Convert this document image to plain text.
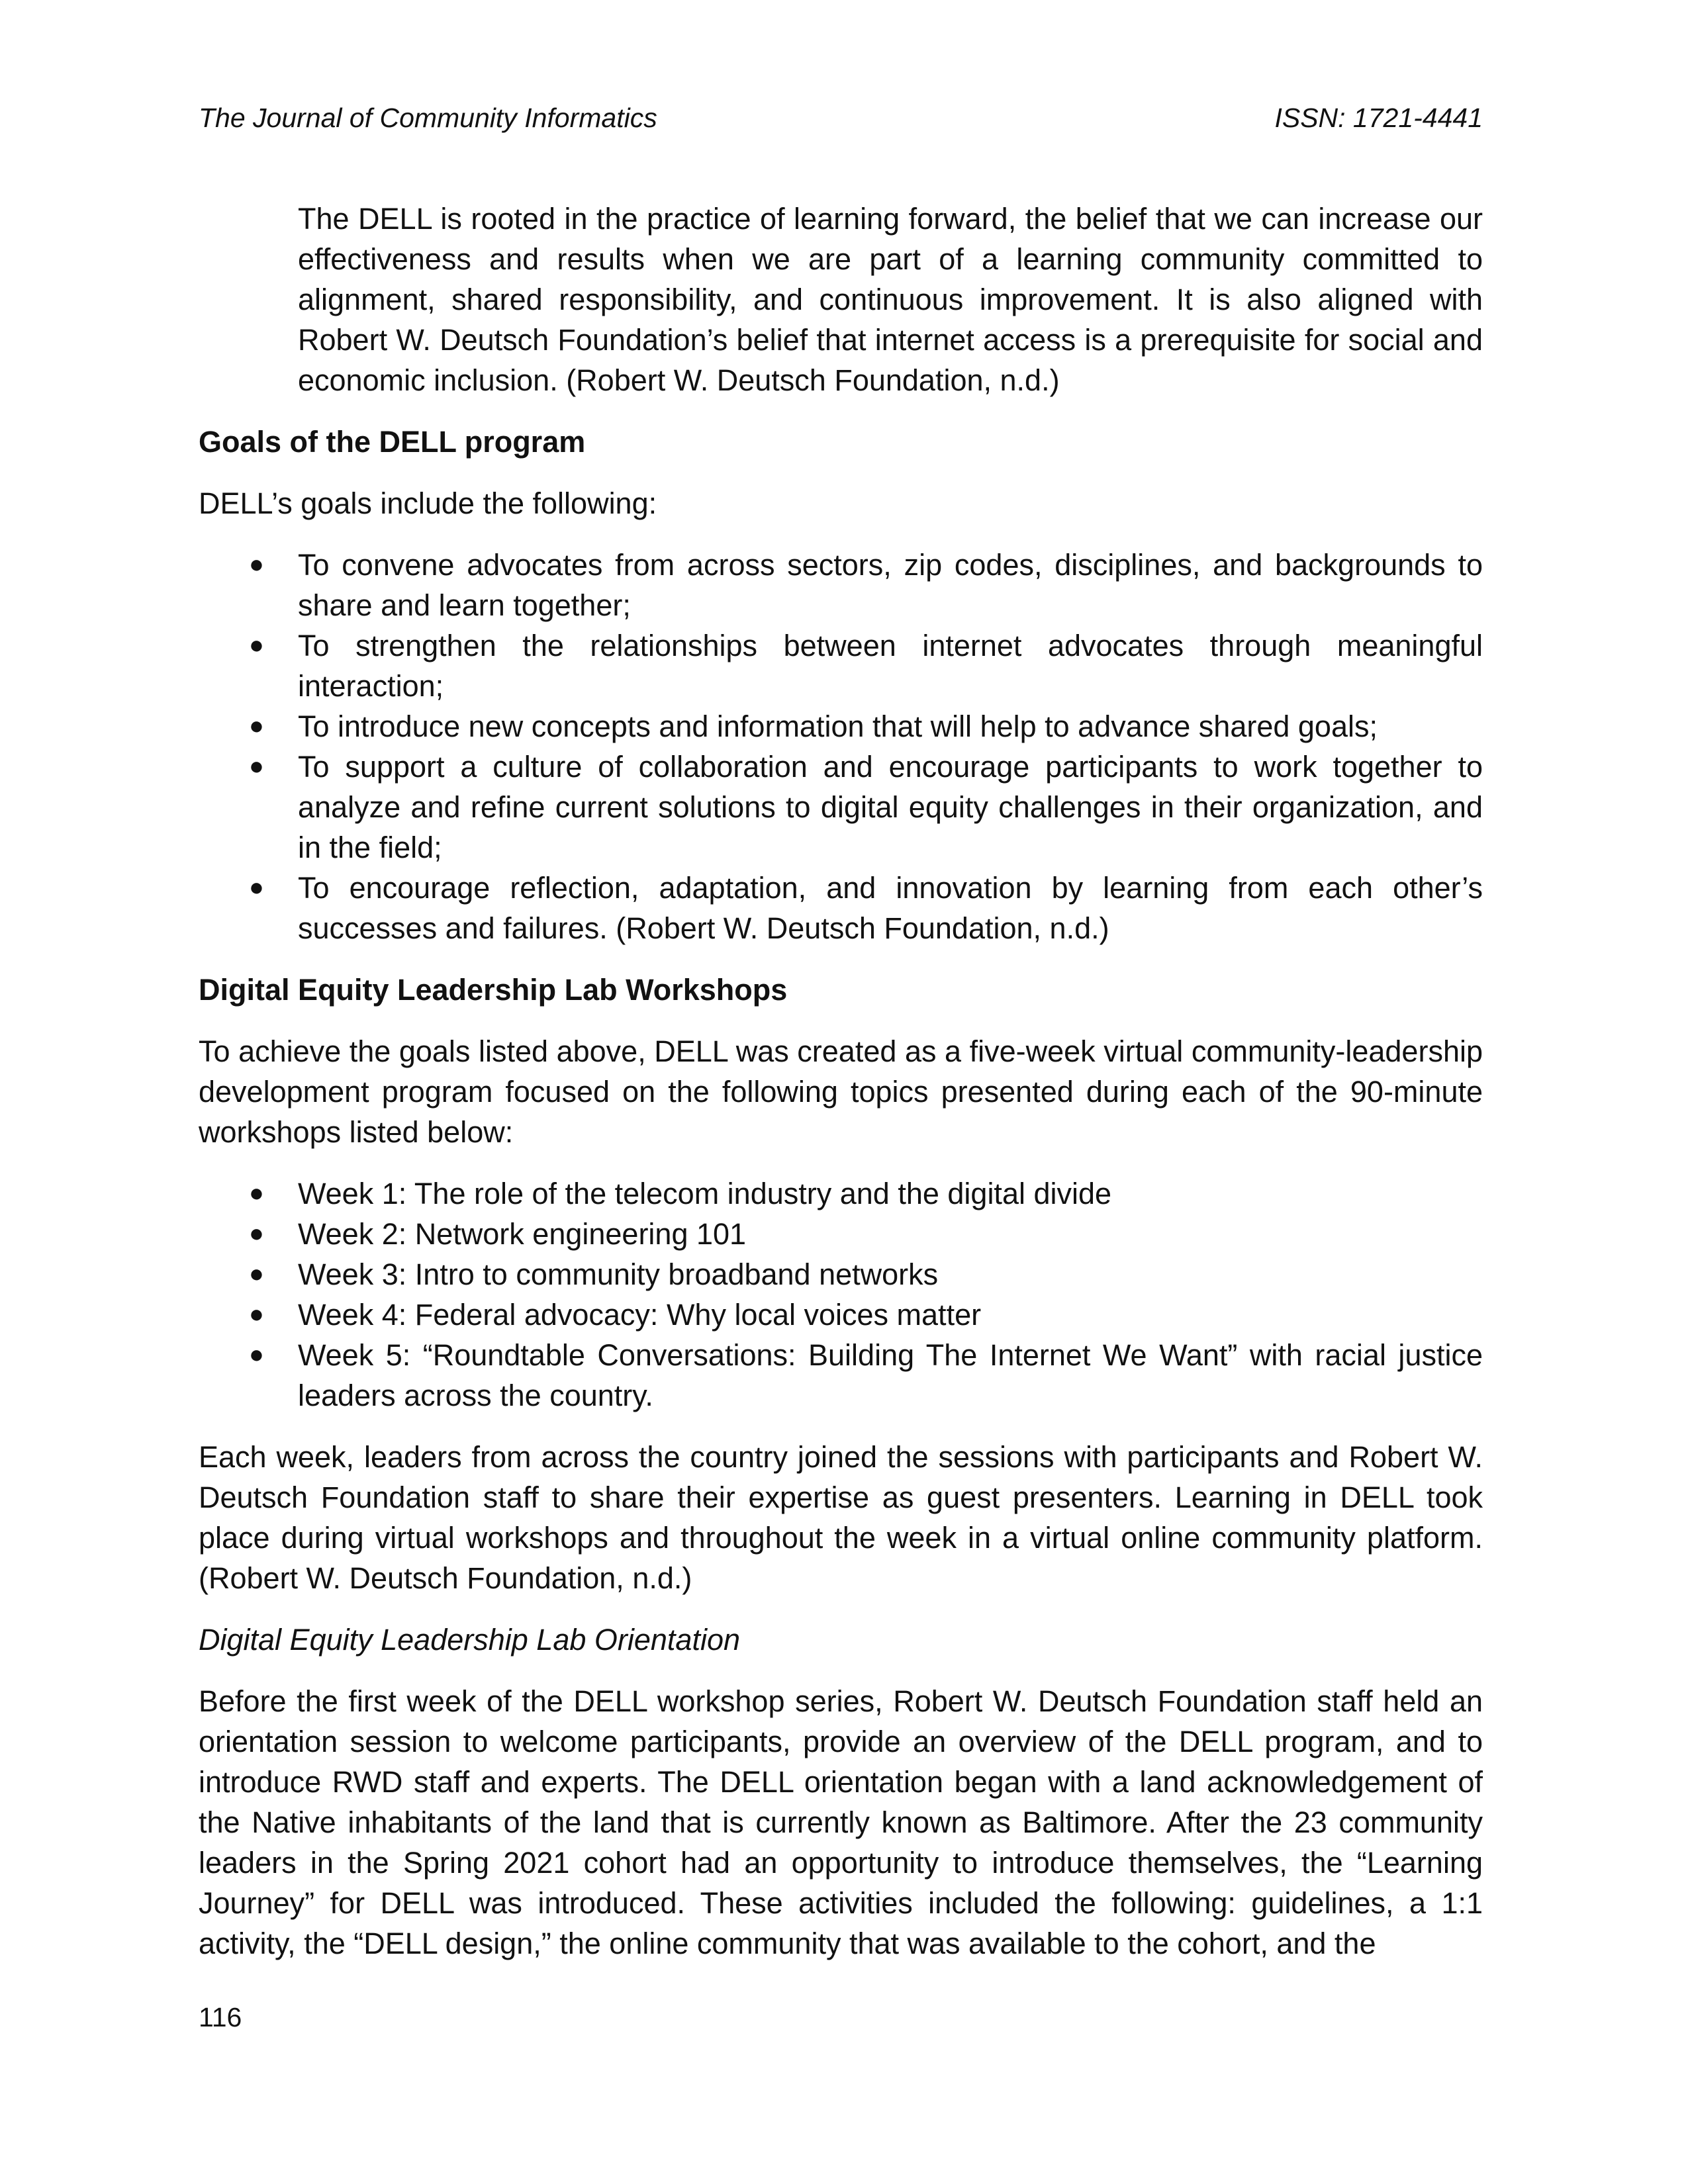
The Journal of Community Informatics	ISSN: 1721-4441

The DELL is rooted in the practice of learning forward, the belief that we can increase our effectiveness and results when we are part of a learning community committed to alignment, shared responsibility, and continuous improvement. It is also aligned with Robert W. Deutsch Foundation’s belief that internet access is a prerequisite for social and economic inclusion. (Robert W. Deutsch Foundation, n.d.)

Goals of the DELL program

DELL’s goals include the following:

● To convene advocates from across sectors, zip codes, disciplines, and backgrounds to share and learn together;
● To strengthen the relationships between internet advocates through meaningful interaction;
● To introduce new concepts and information that will help to advance shared goals;
● To support a culture of collaboration and encourage participants to work together to analyze and refine current solutions to digital equity challenges in their organization, and in the field;
● To encourage reflection, adaptation, and innovation by learning from each other’s successes and failures. (Robert W. Deutsch Foundation, n.d.)
Digital Equity Leadership Lab Workshops

To achieve the goals listed above, DELL was created as a five-week virtual community-leadership development program focused on the following topics presented during each of the 90-minute workshops listed below:

● Week 1: The role of the telecom industry and the digital divide
● Week 2: Network engineering 101
● Week 3: Intro to community broadband networks
● Week 4: Federal advocacy: Why local voices matter
● Week 5: “Roundtable Conversations: Building The Internet We Want” with racial justice leaders across the country.

Each week, leaders from across the country joined the sessions with participants and Robert W. Deutsch Foundation staff to share their expertise as guest presenters. Learning in DELL took place during virtual workshops and throughout the week in a virtual online community platform. (Robert W. Deutsch Foundation, n.d.)

Digital Equity Leadership Lab Orientation

Before the first week of the DELL workshop series, Robert W. Deutsch Foundation staff held an orientation session to welcome participants, provide an overview of the DELL program, and to introduce RWD staff and experts. The DELL orientation began with a land acknowledgement of the Native inhabitants of the land that is currently known as Baltimore. After the 23 community leaders in the Spring 2021 cohort had an opportunity to introduce themselves, the “Learning Journey” for DELL was introduced. These activities included the following: guidelines, a 1:1 activity, the “DELL design,” the online community that was available to the cohort, and the

116
